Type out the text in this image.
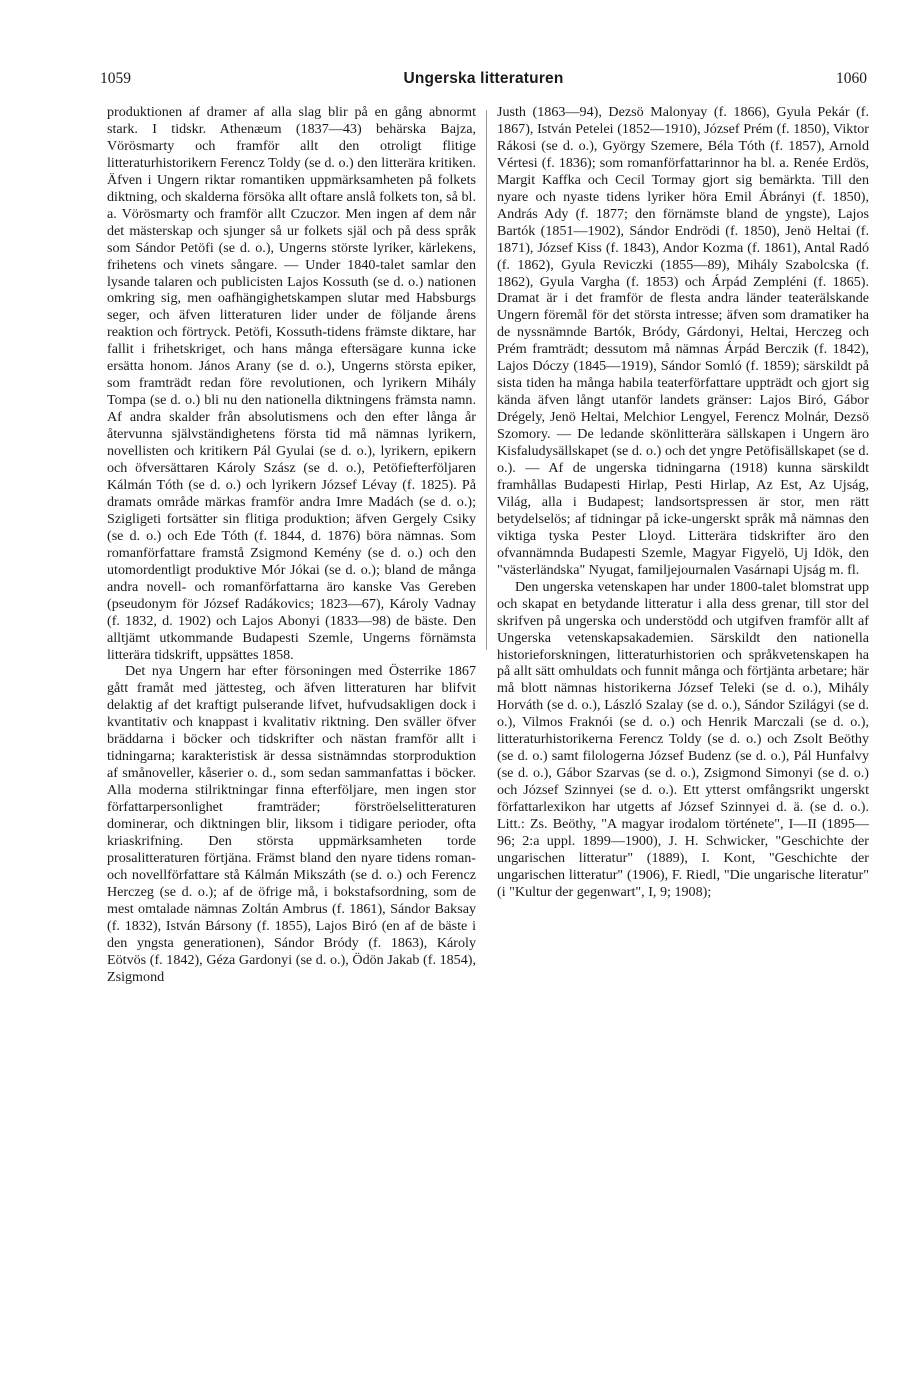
1059	Ungerska litteraturen	1060

produktionen af dramer af alla slag blir på en gång abnormt stark. I tidskr. Athenæum (1837—43) behärska Bajza, Vörösmarty och framför allt den otroligt flitige litteraturhistorikern Ferencz Toldy (se d. o.) den litterära kritiken. Äfven i Ungern riktar romantiken uppmärksamheten på folkets diktning, och skalderna försöka allt oftare anslå folkets ton, så bl. a. Vörösmarty och framför allt Czuczor. Men ingen af dem når det mästerskap och sjunger så ur folkets själ och på dess språk som Sándor Petöfi (se d. o.), Ungerns störste lyriker, kärlekens, frihetens och vinets sångare. — Under 1840-talet samlar den lysande talaren och publicisten Lajos Kossuth (se d. o.) nationen omkring sig, men oafhängighetskampen slutar med Habsburgs seger, och äfven litteraturen lider under de följande årens reaktion och förtryck. Petöfi, Kossuth-tidens främste diktare, har fallit i frihetskriget, och hans många eftersägare kunna icke ersätta honom. János Arany (se d. o.), Ungerns största epiker, som framträdt redan före revolutionen, och lyrikern Mihály Tompa (se d. o.) bli nu den nationella diktningens främsta namn. Af andra skalder från absolutismens och den efter långa år återvunna självständighetens första tid må nämnas lyrikern, novellisten och kritikern Pál Gyulai (se d. o.), lyrikern, epikern och öfversättaren Károly Szász (se d. o.), Petöfiefterföljaren Kálmán Tóth (se d. o.) och lyrikern József Lévay (f. 1825). På dramats område märkas framför andra Imre Madách (se d. o.); Szigligeti fortsätter sin flitiga produktion; äfven Gergely Csiky (se d. o.) och Ede Tóth (f. 1844, d. 1876) böra nämnas. Som romanförfattare framstå Zsigmond Kemény (se d. o.) och den utomordentligt produktive Mór Jókai (se d. o.); bland de många andra novell- och romanförfattarna äro kanske Vas Gereben (pseudonym för József Radákovics; 1823—67), Károly Vadnay (f. 1832, d. 1902) och Lajos Abonyi (1833—98) de bäste. Den alltjämt utkommande Budapesti Szemle, Ungerns förnämsta litterära tidskrift, uppsättes 1858.

Det nya Ungern har efter försoningen med Österrike 1867 gått framåt med jättesteg, och äfven litteraturen har blifvit delaktig af det kraftigt pulserande lifvet, hufvudsakligen dock i kvantitativ och knappast i kvalitativ riktning. Den sväller öfver bräddarna i böcker och tidskrifter och nästan framför allt i tidningarna; karakteristisk är dessa sistnämndas storproduktion af smånoveller, kåserier o. d., som sedan sammanfattas i böcker. Alla moderna stilriktningar finna efterföljare, men ingen stor författarpersonlighet framträder; förströelselitteraturen dominerar, och diktningen blir, liksom i tidigare perioder, ofta kriaskrifning. Den största uppmärksamheten torde prosalitteraturen förtjäna. Främst bland den nyare tidens roman- och novellförfattare stå Kálmán Mikszáth (se d. o.) och Ferencz Herczeg (se d. o.); af de öfrige må, i bokstafsordning, som de mest omtalade nämnas Zoltán Ambrus (f. 1861), Sándor Baksay (f. 1832), István Bársony (f. 1855), Lajos Biró (en af de bäste i den yngsta generationen), Sándor Bródy (f. 1863), Károly Eötvös (f. 1842), Géza Gardonyi (se d. o.), Ödön Jakab (f. 1854), Zsigmond

Justh (1863—94), Dezsö Malonyay (f. 1866), Gyula Pekár (f. 1867), István Petelei (1852—1910), József Prém (f. 1850), Viktor Rákosi (se d. o.), György Szemere, Béla Tóth (f. 1857), Arnold Vértesi (f. 1836); som romanförfattarinnor ha bl. a. Renée Erdös, Margit Kaffka och Cecil Tormay gjort sig bemärkta. Till den nyare och nyaste tidens lyriker höra Emil Ábrányi (f. 1850), András Ady (f. 1877; den förnämste bland de yngste), Lajos Bartók (1851—1902), Sándor Endrödi (f. 1850), Jenö Heltai (f. 1871), József Kiss (f. 1843), Andor Kozma (f. 1861), Antal Radó (f. 1862), Gyula Reviczki (1855—89), Mihály Szabolcska (f. 1862), Gyula Vargha (f. 1853) och Árpád Zempléni (f. 1865). Dramat är i det framför de flesta andra länder teaterälskande Ungern föremål för det största intresse; äfven som dramatiker ha de nyssnämnde Bartók, Bródy, Gárdonyi, Heltai, Herczeg och Prém framträdt; dessutom må nämnas Árpád Berczik (f. 1842), Lajos Dóczy (1845—1919), Sándor Somló (f. 1859); särskildt på sista tiden ha många habila teaterförfattare uppträdt och gjort sig kända äfven långt utanför landets gränser: Lajos Biró, Gábor Drégely, Jenö Heltai, Melchior Lengyel, Ferencz Molnár, Dezsö Szomory. — De ledande skönlitterära sällskapen i Ungern äro Kisfaludysällskapet (se d. o.) och det yngre Petöfisällskapet (se d. o.). — Af de ungerska tidningarna (1918) kunna särskildt framhållas Budapesti Hirlap, Pesti Hirlap, Az Est, Az Ujság, Világ, alla i Budapest; landsortspressen är stor, men rätt betydelselös; af tidningar på icke-ungerskt språk må nämnas den viktiga tyska Pester Lloyd. Litterära tidskrifter äro den ofvannämnda Budapesti Szemle, Magyar Figyelö, Uj Idök, den "västerländska" Nyugat, familjejournalen Vasárnapi Ujság m. fl.

Den ungerska vetenskapen har under 1800-talet blomstrat upp och skapat en betydande litteratur i alla dess grenar, till stor del skrifven på ungerska och understödd och utgifven framför allt af Ungerska vetenskapsakademien. Särskildt den nationella historieforskningen, litteraturhistorien och språkvetenskapen ha på allt sätt omhuldats och funnit många och förtjänta arbetare; här må blott nämnas historikerna József Teleki (se d. o.), Mihály Horváth (se d. o.), László Szalay (se d. o.), Sándor Szilágyi (se d. o.), Vilmos Fraknói (se d. o.) och Henrik Marczali (se d. o.), litteraturhistorikerna Ferencz Toldy (se d. o.) och Zsolt Beöthy (se d. o.) samt filologerna József Budenz (se d. o.), Pál Hunfalvy (se d. o.), Gábor Szarvas (se d. o.), Zsigmond Simonyi (se d. o.) och József Szinnyei (se d. o.). Ett ytterst omfångsrikt ungerskt författarlexikon har utgetts af József Szinnyei d. ä. (se d. o.). Litt.: Zs. Beöthy, "A magyar irodalom története", I—II (1895—96; 2:a uppl. 1899—1900), J. H. Schwicker, "Geschichte der ungarischen litteratur" (1889), I. Kont, "Geschichte der ungarischen litteratur" (1906), F. Riedl, "Die ungarische literatur" (i "Kultur der gegenwart", I, 9; 1908);
